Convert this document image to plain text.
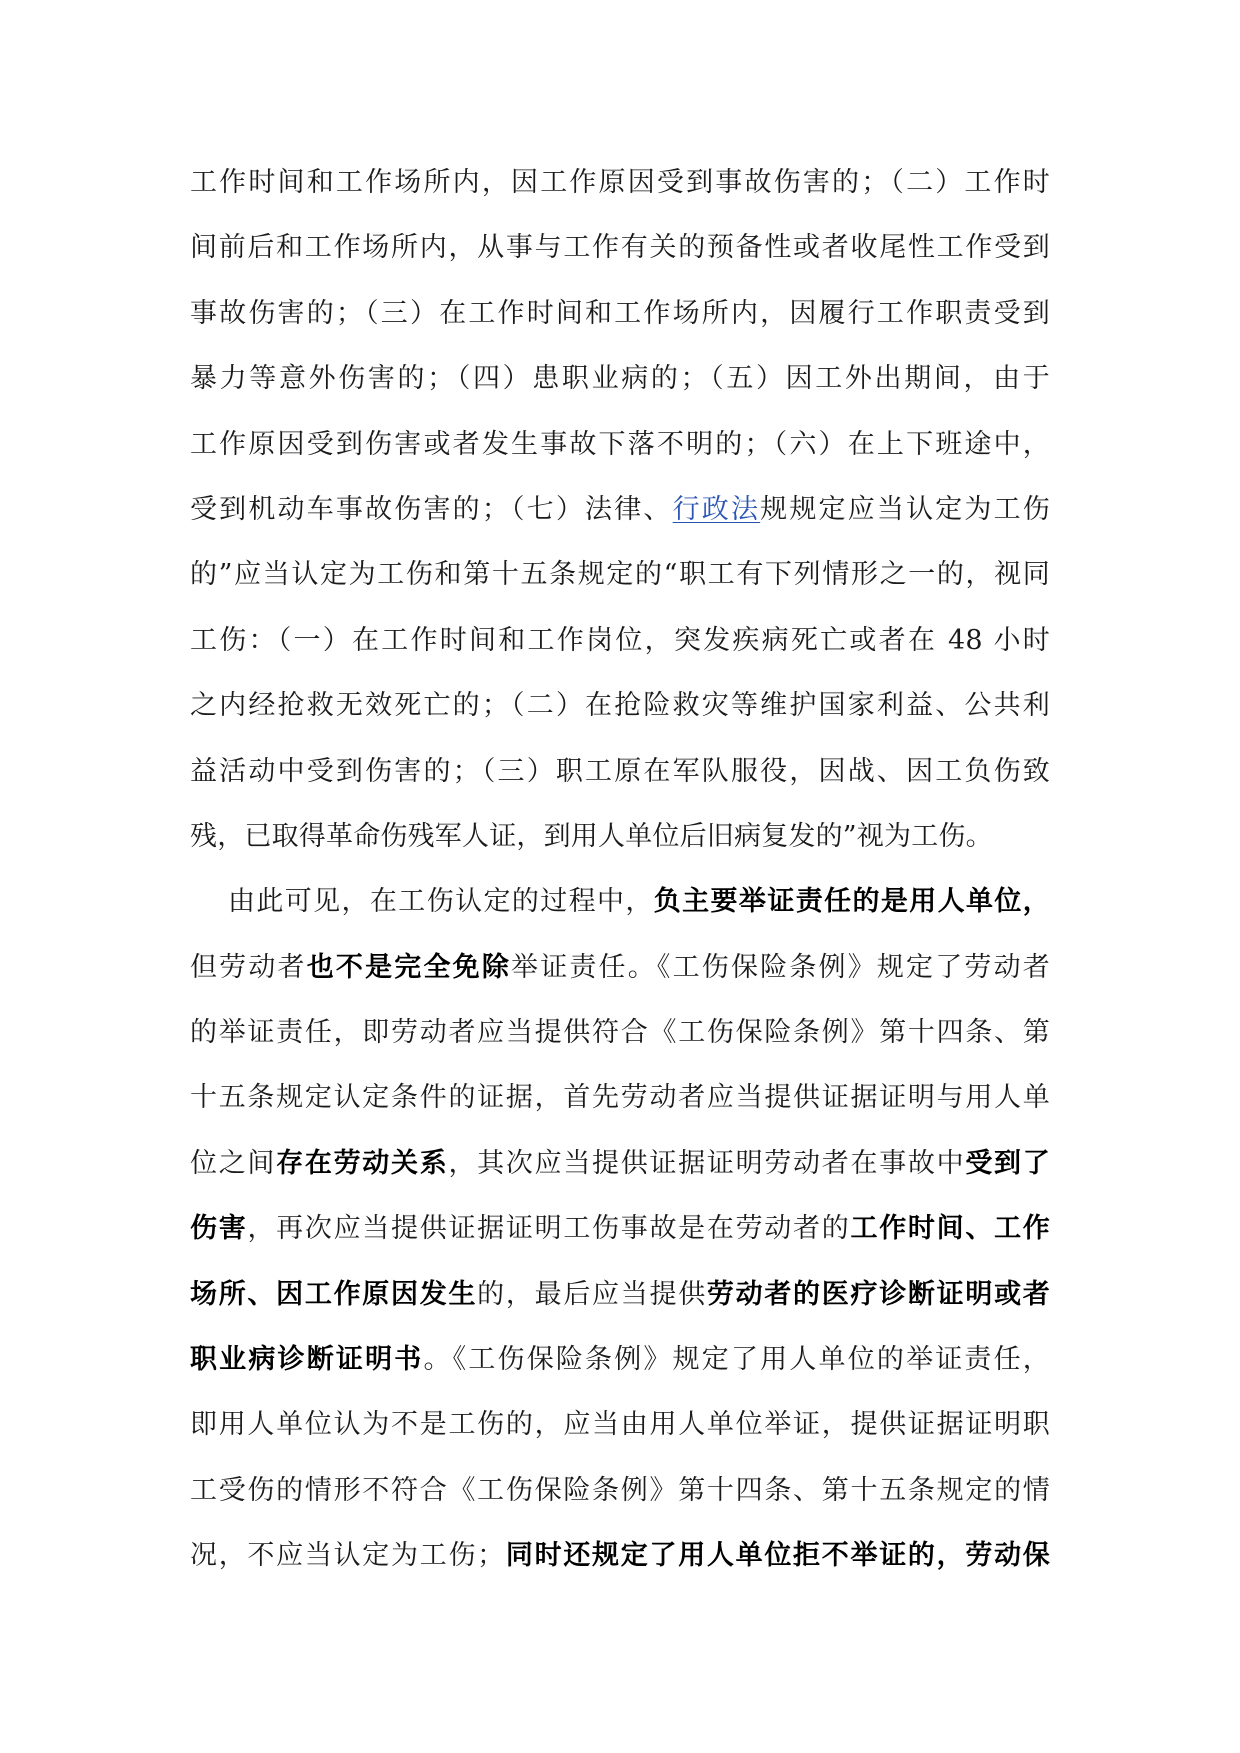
工作时间和工作场所内，因工作原因受到事故伤害的；（二）工作时
间前后和工作场所内，从事与工作有关的预备性或者收尾性工作受到
事故伤害的；（三）在工作时间和工作场所内，因履行工作职责受到
暴力等意外伤害的；（四）患职业病的；（五）因工外出期间，由于
工作原因受到伤害或者发生事故下落不明的；（六）在上下班途中，
受到机动车事故伤害的；（七）法律、行政法规规定应当认定为工伤
的”应当认定为工伤和第十五条规定的“职工有下列情形之一的，视同
工伤：（一）在工作时间和工作岗位，突发疾病死亡或者在 48 小时
之内经抢救无效死亡的；（二）在抢险救灾等维护国家利益、公共利
益活动中受到伤害的；（三）职工原在军队服役，因战、因工负伤致
残，已取得革命伤残军人证，到用人单位后旧病复发的”视为工伤。
由此可见，在工伤认定的过程中，负主要举证责任的是用人单位，
但劳动者也不是完全免除举证责任。《工伤保险条例》规定了劳动者
的举证责任，即劳动者应当提供符合《工伤保险条例》第十四条、第
十五条规定认定条件的证据，首先劳动者应当提供证据证明与用人单
位之间存在劳动关系，其次应当提供证据证明劳动者在事故中受到了
伤害，再次应当提供证据证明工伤事故是在劳动者的工作时间、工作
场所、因工作原因发生的，最后应当提供劳动者的医疗诊断证明或者
职业病诊断证明书。《工伤保险条例》规定了用人单位的举证责任，
即用人单位认为不是工伤的，应当由用人单位举证，提供证据证明职
工受伤的情形不符合《工伤保险条例》第十四条、第十五条规定的情
况，不应当认定为工伤；同时还规定了用人单位拒不举证的，劳动保
